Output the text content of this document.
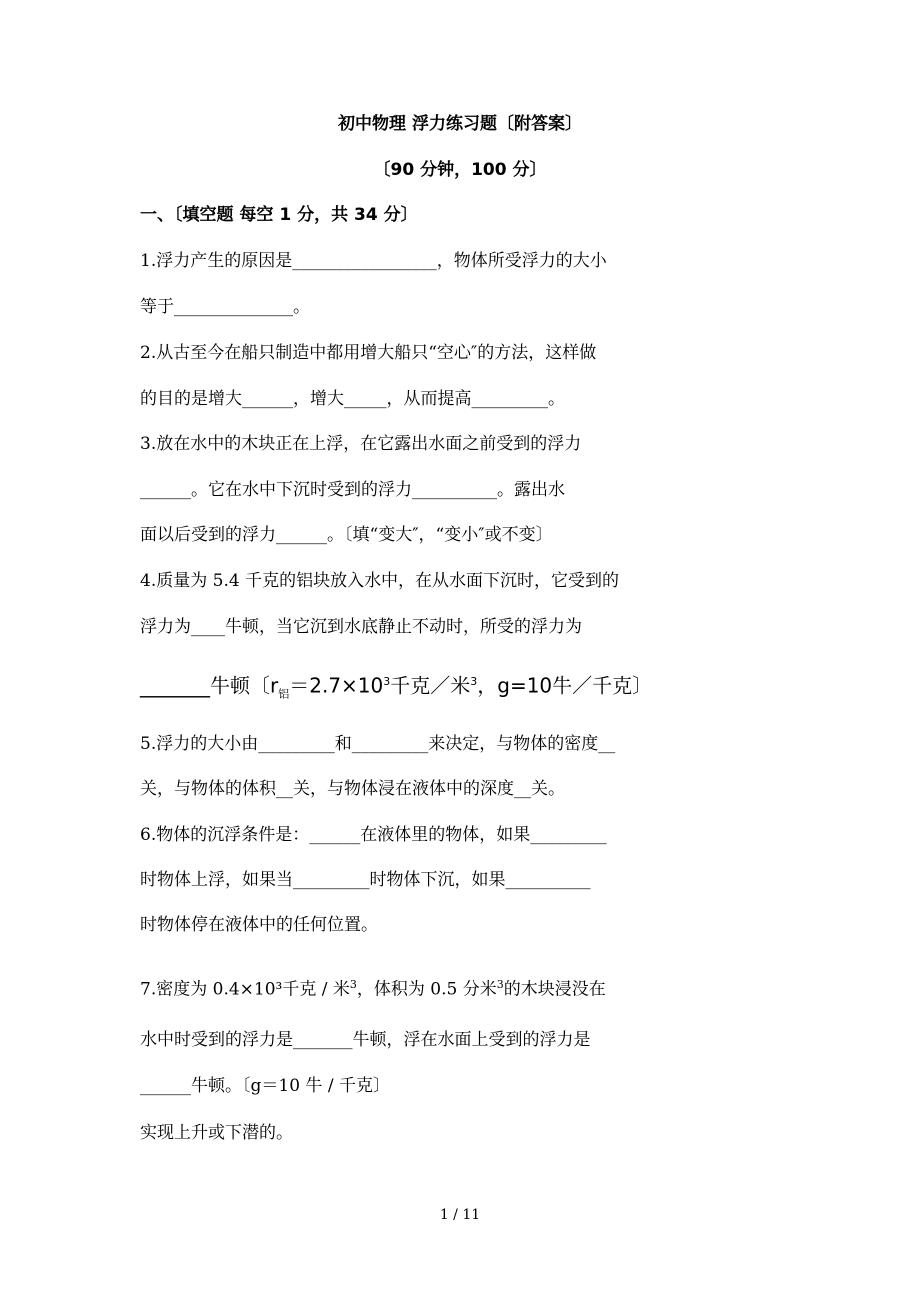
初中物理 浮力练习题〔附答案〕
〔90 分钟，100 分〕
一、〔填空题 每空 1 分，共 34 分〕
1.浮力产生的原因是_________________，物体所受浮力的大小
等于______________。
2.从古至今在船只制造中都用增大船只“空心″的方法，这样做
的目的是增大______，增大_____，从而提高_________。
3.放在水中的木块正在上浮，在它露出水面之前受到的浮力
______。它在水中下沉时受到的浮力__________。露出水
面以后受到的浮力______。〔填“变大″，“变小″或不变〕
4.质量为 5.4 千克的铝块放入水中，在从水面下沉时，它受到的
浮力为____牛顿，当它沉到水底静止不动时，所受的浮力为
_______牛顿〔$r_铝=2.7\times 10^3$千克／米$^3$，g=10牛／千克〕
5.浮力的大小由_________和_________来决定，与物体的密度__
关，与物体的体积__关，与物体浸在液体中的深度__关。
6.物体的沉浮条件是：______在液体里的物体，如果_________
时物体上浮，如果当_________时物体下沉，如果__________
时物体停在液体中的任何位置。
7.密度为 0.4×10³千克 / 米$^3$，体积为 0.5 分米$^3$的木块浸没在
水中时受到的浮力是_______牛顿，浮在水面上受到的浮力是
______牛顿。〔g＝10 牛 / 千克〕
实现上升或下潜的。
1 / 11
